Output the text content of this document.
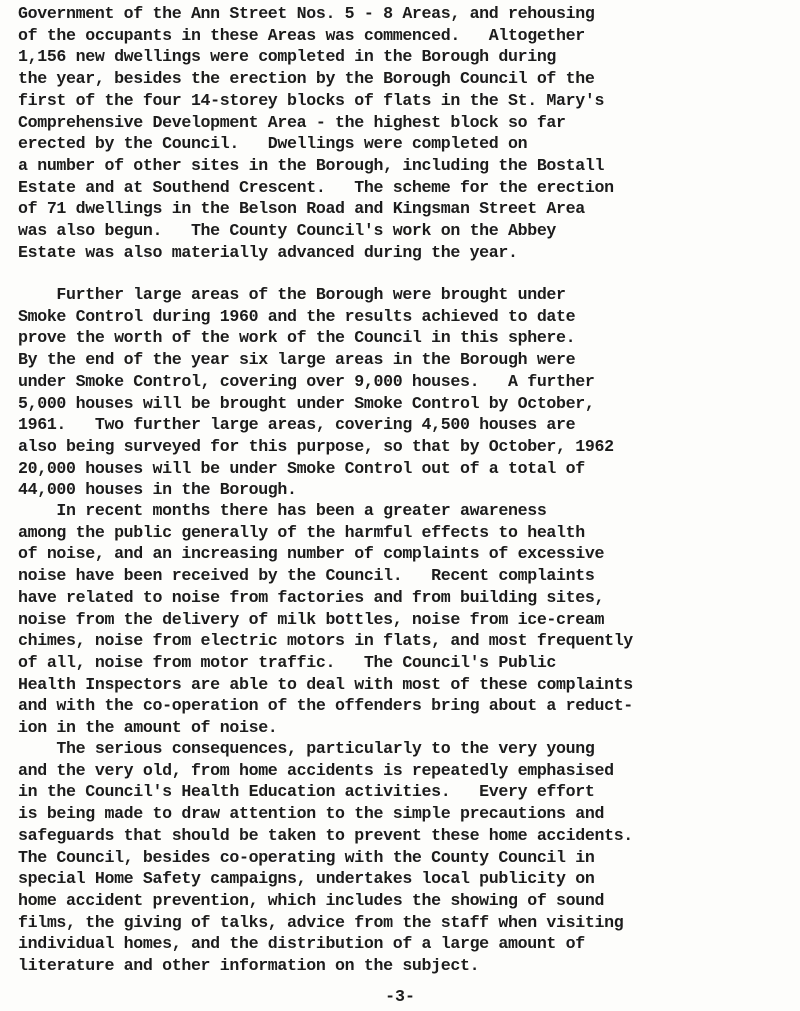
Government of the Ann Street Nos. 5 - 8 Areas, and rehousing
of the occupants in these Areas was commenced.   Altogether
1,156 new dwellings were completed in the Borough during
the year, besides the erection by the Borough Council of the
first of the four 14-storey blocks of flats in the St. Mary's
Comprehensive Development Area - the highest block so far
erected by the Council.   Dwellings were completed on
a number of other sites in the Borough, including the Bostall
Estate and at Southend Crescent.   The scheme for the erection
of 71 dwellings in the Belson Road and Kingsman Street Area
was also begun.   The County Council's work on the Abbey
Estate was also materially advanced during the year.

Further large areas of the Borough were brought under
Smoke Control during 1960 and the results achieved to date
prove the worth of the work of the Council in this sphere.
By the end of the year six large areas in the Borough were
under Smoke Control, covering over 9,000 houses.   A further
5,000 houses will be brought under Smoke Control by October,
1961.   Two further large areas, covering 4,500 houses are
also being surveyed for this purpose, so that by October, 1962
20,000 houses will be under Smoke Control out of a total of
44,000 houses in the Borough.

In recent months there has been a greater awareness
among the public generally of the harmful effects to health
of noise, and an increasing number of complaints of excessive
noise have been received by the Council.   Recent complaints
have related to noise from factories and from building sites,
noise from the delivery of milk bottles, noise from ice-cream
chimes, noise from electric motors in flats, and most frequently
of all, noise from motor traffic.   The Council's Public
Health Inspectors are able to deal with most of these complaints
and with the co-operation of the offenders bring about a reduct-
ion in the amount of noise.

The serious consequences, particularly to the very young
and the very old, from home accidents is repeatedly emphasised
in the Council's Health Education activities.   Every effort
is being made to draw attention to the simple precautions and
safeguards that should be taken to prevent these home accidents.
The Council, besides co-operating with the County Council in
special Home Safety campaigns, undertakes local publicity on
home accident prevention, which includes the showing of sound
films, the giving of talks, advice from the staff when visiting
individual homes, and the distribution of a large amount of
literature and other information on the subject.

-3-
